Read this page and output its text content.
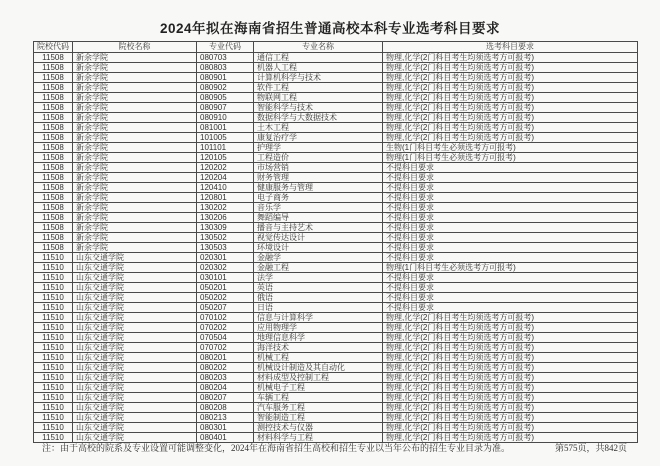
2024年拟在海南省招生普通高校本科专业选考科目要求
院校代码	院校名称	专业代码	专业名称	选考科目要求
11508	新余学院	080703	通信工程	物理,化学(2门科目考生均须选考方可报考)
11508	新余学院	080803	机器人工程	物理,化学(2门科目考生均须选考方可报考)
11508	新余学院	080901	计算机科学与技术	物理,化学(2门科目考生均须选考方可报考)
11508	新余学院	080902	软件工程	物理,化学(2门科目考生均须选考方可报考)
11508	新余学院	080905	物联网工程	物理,化学(2门科目考生均须选考方可报考)
11508	新余学院	080907	智能科学与技术	物理,化学(2门科目考生均须选考方可报考)
11508	新余学院	080910	数据科学与大数据技术	物理,化学(2门科目考生均须选考方可报考)
11508	新余学院	081001	土木工程	物理,化学(2门科目考生均须选考方可报考)
11508	新余学院	101005	康复治疗学	物理,化学(2门科目考生均须选考方可报考)
11508	新余学院	101101	护理学	生物(1门科目考生必须选考方可报考)
11508	新余学院	120105	工程造价	物理(1门科目考生必须选考方可报考)
11508	新余学院	120202	市场营销	不提科目要求
11508	新余学院	120204	财务管理	不提科目要求
11508	新余学院	120410	健康服务与管理	不提科目要求
11508	新余学院	120801	电子商务	不提科目要求
11508	新余学院	130202	音乐学	不提科目要求
11508	新余学院	130206	舞蹈编导	不提科目要求
11508	新余学院	130309	播音与主持艺术	不提科目要求
11508	新余学院	130502	视觉传达设计	不提科目要求
11508	新余学院	130503	环境设计	不提科目要求
11510	山东交通学院	020301	金融学	不提科目要求
11510	山东交通学院	020302	金融工程	物理(1门科目考生必须选考方可报考)
11510	山东交通学院	030101	法学	不提科目要求
11510	山东交通学院	050201	英语	不提科目要求
11510	山东交通学院	050202	俄语	不提科目要求
11510	山东交通学院	050207	日语	不提科目要求
11510	山东交通学院	070102	信息与计算科学	物理,化学(2门科目考生均须选考方可报考)
11510	山东交通学院	070202	应用物理学	物理,化学(2门科目考生均须选考方可报考)
11510	山东交通学院	070504	地理信息科学	物理,化学(2门科目考生均须选考方可报考)
11510	山东交通学院	070702	海洋技术	物理,化学(2门科目考生均须选考方可报考)
11510	山东交通学院	080201	机械工程	物理,化学(2门科目考生均须选考方可报考)
11510	山东交通学院	080202	机械设计制造及其自动化	物理,化学(2门科目考生均须选考方可报考)
11510	山东交通学院	080203	材料成型及控制工程	物理,化学(2门科目考生均须选考方可报考)
11510	山东交通学院	080204	机械电子工程	物理,化学(2门科目考生均须选考方可报考)
11510	山东交通学院	080207	车辆工程	物理,化学(2门科目考生均须选考方可报考)
11510	山东交通学院	080208	汽车服务工程	物理,化学(2门科目考生均须选考方可报考)
11510	山东交通学院	080213	智能制造工程	物理,化学(2门科目考生均须选考方可报考)
11510	山东交通学院	080301	测控技术与仪器	物理,化学(2门科目考生均须选考方可报考)
11510	山东交通学院	080401	材料科学与工程	物理,化学(2门科目考生均须选考方可报考)
注：由于高校的院系及专业设置可能调整变化，2024年在海南省招生高校和招生专业以当年公布的招生专业目录为准。	第575页，共842页
